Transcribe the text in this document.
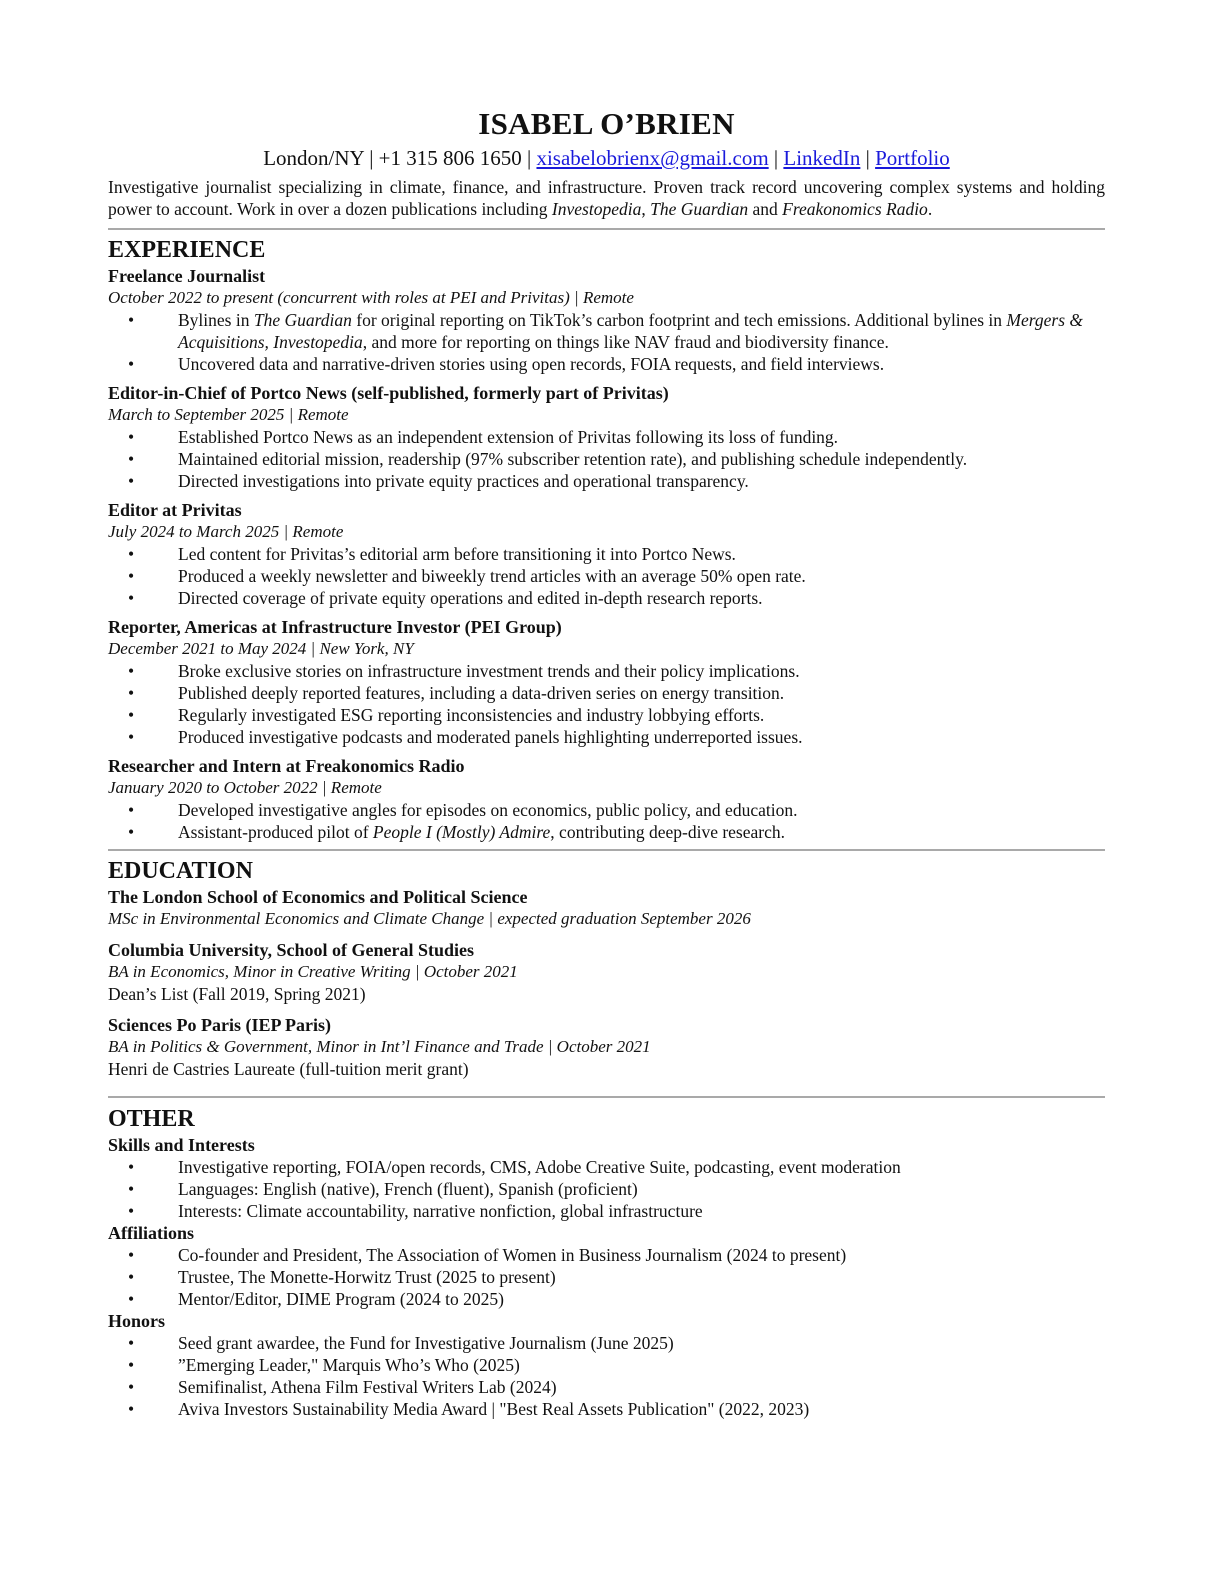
ISABEL O’BRIEN
London/NY | +1 315 806 1650 | xisabelobrienx@gmail.com | LinkedIn | Portfolio
Investigative journalist specializing in climate, finance, and infrastructure. Proven track record uncovering complex systems and holding power to account. Work in over a dozen publications including Investopedia, The Guardian and Freakonomics Radio.
EXPERIENCE
Freelance Journalist
October 2022 to present (concurrent with roles at PEI and Privitas) | Remote
• Bylines in The Guardian for original reporting on TikTok’s carbon footprint and tech emissions. Additional bylines in Mergers & Acquisitions, Investopedia, and more for reporting on things like NAV fraud and biodiversity finance.
• Uncovered data and narrative-driven stories using open records, FOIA requests, and field interviews.
Editor-in-Chief of Portco News (self-published, formerly part of Privitas)
March to September 2025 | Remote
• Established Portco News as an independent extension of Privitas following its loss of funding.
• Maintained editorial mission, readership (97% subscriber retention rate), and publishing schedule independently.
• Directed investigations into private equity practices and operational transparency.
Editor at Privitas
July 2024 to March 2025 | Remote
• Led content for Privitas’s editorial arm before transitioning it into Portco News.
• Produced a weekly newsletter and biweekly trend articles with an average 50% open rate.
• Directed coverage of private equity operations and edited in-depth research reports.
Reporter, Americas at Infrastructure Investor (PEI Group)
December 2021 to May 2024 | New York, NY
• Broke exclusive stories on infrastructure investment trends and their policy implications.
• Published deeply reported features, including a data-driven series on energy transition.
• Regularly investigated ESG reporting inconsistencies and industry lobbying efforts.
• Produced investigative podcasts and moderated panels highlighting underreported issues.
Researcher and Intern at Freakonomics Radio
January 2020 to October 2022 | Remote
• Developed investigative angles for episodes on economics, public policy, and education.
• Assistant-produced pilot of People I (Mostly) Admire, contributing deep-dive research.
EDUCATION
The London School of Economics and Political Science
MSc in Environmental Economics and Climate Change | expected graduation September 2026
Columbia University, School of General Studies
BA in Economics, Minor in Creative Writing | October 2021
Dean’s List (Fall 2019, Spring 2021)
Sciences Po Paris (IEP Paris)
BA in Politics & Government, Minor in Int’l Finance and Trade | October 2021
Henri de Castries Laureate (full-tuition merit grant)
OTHER
Skills and Interests
• Investigative reporting, FOIA/open records, CMS, Adobe Creative Suite, podcasting, event moderation
• Languages: English (native), French (fluent), Spanish (proficient)
• Interests: Climate accountability, narrative nonfiction, global infrastructure
Affiliations
• Co-founder and President, The Association of Women in Business Journalism (2024 to present)
• Trustee, The Monette-Horwitz Trust (2025 to present)
• Mentor/Editor, DIME Program (2024 to 2025)
Honors
• Seed grant awardee, the Fund for Investigative Journalism (June 2025)
• ”Emerging Leader," Marquis Who’s Who (2025)
• Semifinalist, Athena Film Festival Writers Lab (2024)
• Aviva Investors Sustainability Media Award | "Best Real Assets Publication" (2022, 2023)
